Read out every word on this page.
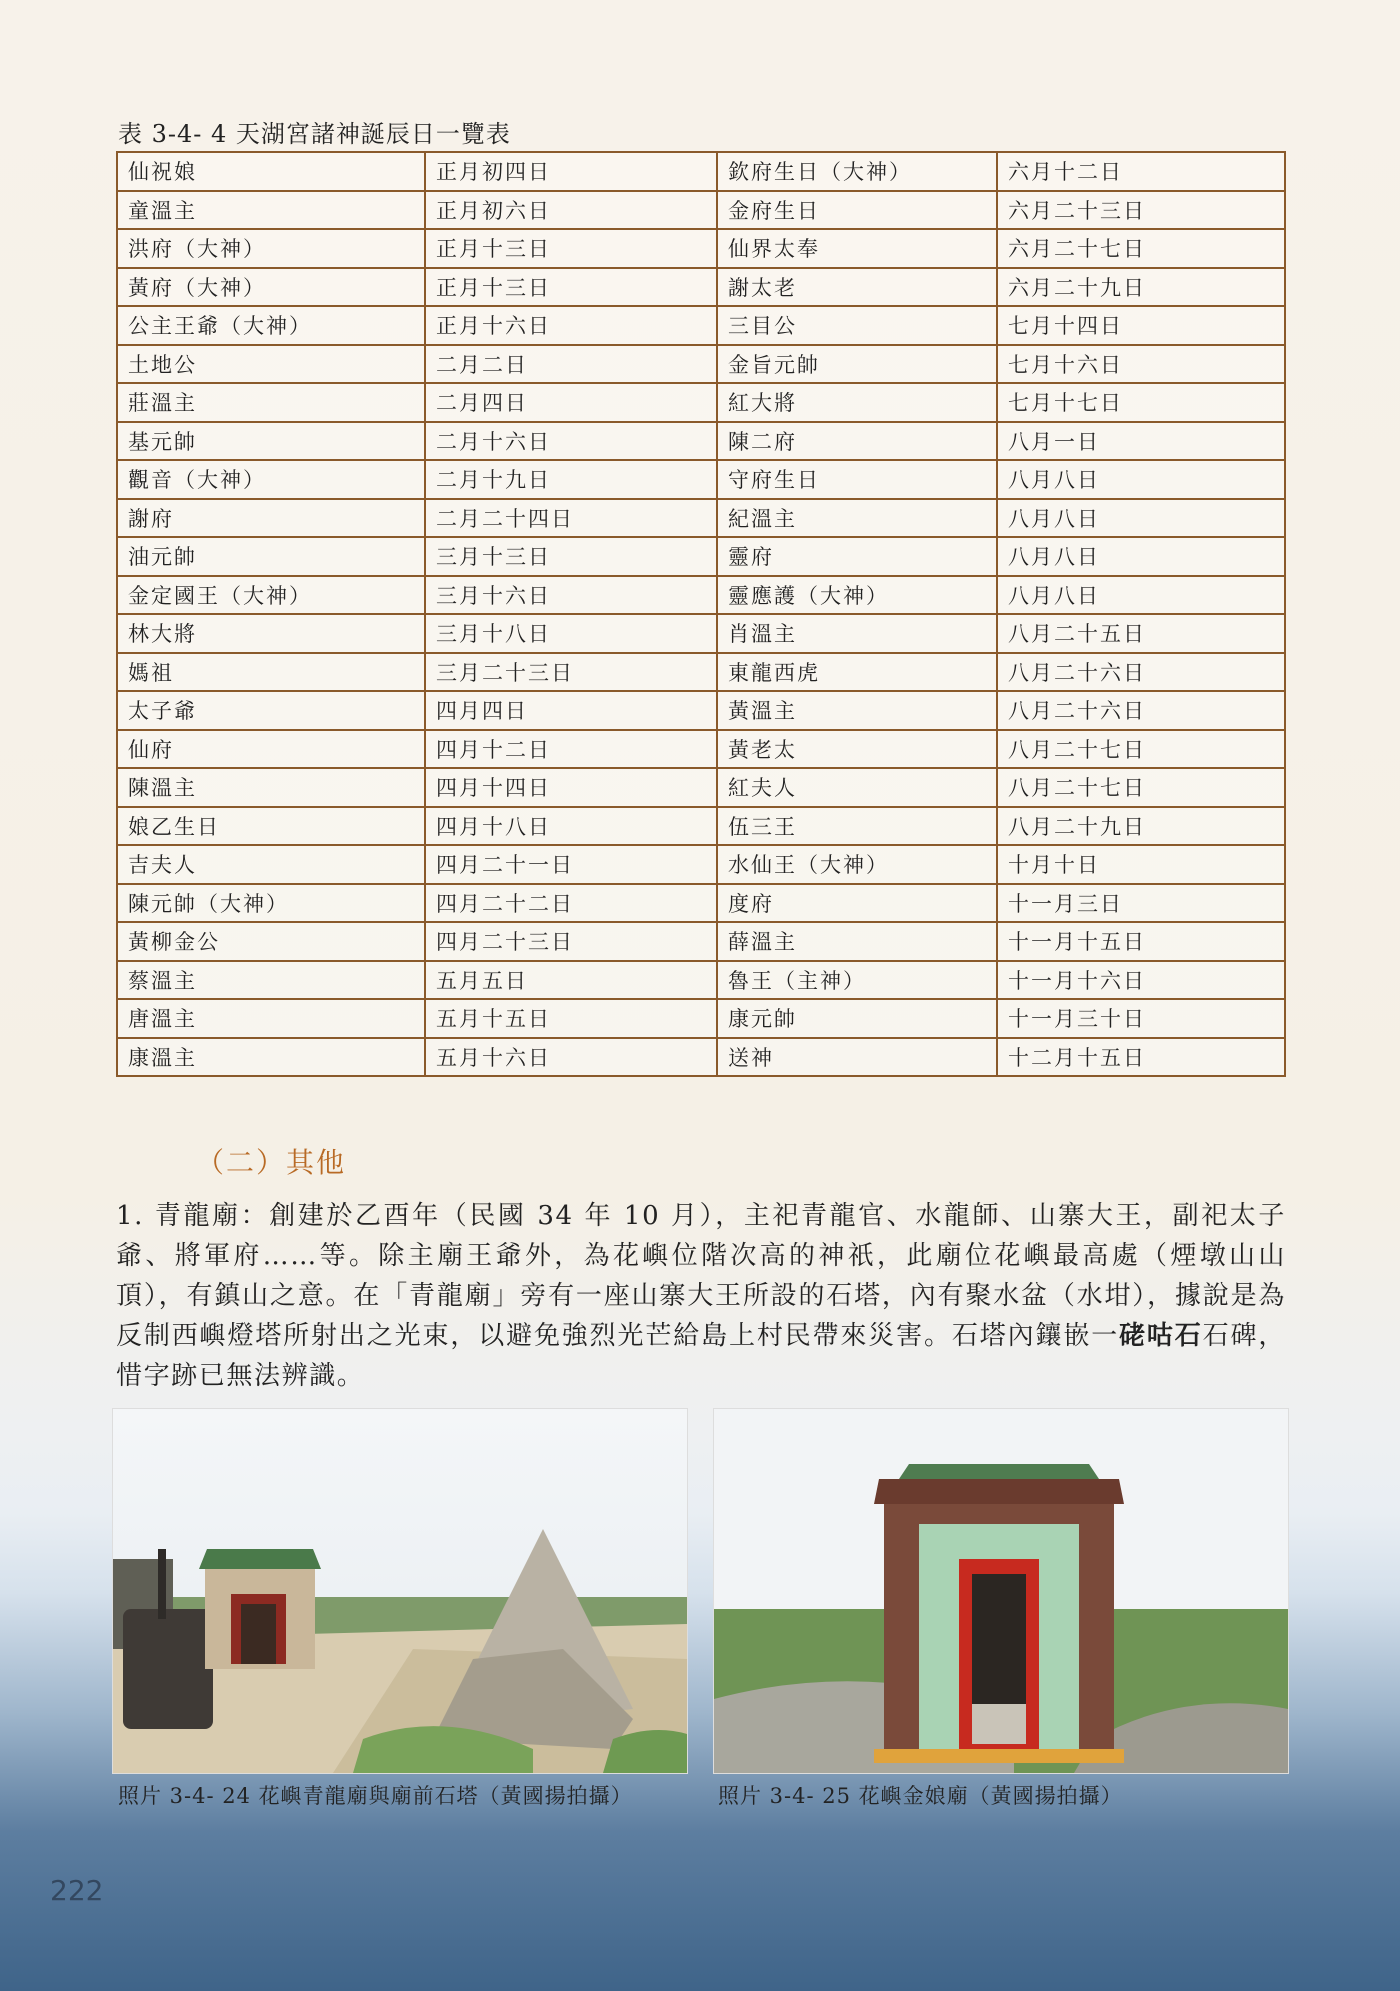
表 3-4- 4 天湖宮諸神誕辰日一覽表
仙祝娘	正月初四日	欽府生日（大神）	六月十二日
童溫主	正月初六日	金府生日	六月二十三日
洪府（大神）	正月十三日	仙界太奉	六月二十七日
黃府（大神）	正月十三日	謝太老	六月二十九日
公主王爺（大神）	正月十六日	三目公	七月十四日
土地公	二月二日	金旨元帥	七月十六日
莊溫主	二月四日	紅大將	七月十七日
基元帥	二月十六日	陳二府	八月一日
觀音（大神）	二月十九日	守府生日	八月八日
謝府	二月二十四日	紀溫主	八月八日
油元帥	三月十三日	靈府	八月八日
金定國王（大神）	三月十六日	靈應護（大神）	八月八日
林大將	三月十八日	肖溫主	八月二十五日
媽祖	三月二十三日	東龍西虎	八月二十六日
太子爺	四月四日	黃溫主	八月二十六日
仙府	四月十二日	黃老太	八月二十七日
陳溫主	四月十四日	紅夫人	八月二十七日
娘乙生日	四月十八日	伍三王	八月二十九日
吉夫人	四月二十一日	水仙王（大神）	十月十日
陳元帥（大神）	四月二十二日	度府	十一月三日
黃柳金公	四月二十三日	薛溫主	十一月十五日
蔡溫主	五月五日	魯王（主神）	十一月十六日
唐溫主	五月十五日	康元帥	十一月三十日
康溫主	五月十六日	送神	十二月十五日
（二）其他
1. 青龍廟：創建於乙酉年（民國 34 年 10 月），主祀青龍官、水龍師、山寨大王，副祀太子爺、將軍府……等。除主廟王爺外，為花嶼位階次高的神祇，此廟位花嶼最高處（煙墩山山頂），有鎮山之意。在「青龍廟」旁有一座山寨大王所設的石塔，內有聚水盆（水坩），據說是為反制西嶼燈塔所射出之光束，以避免強烈光芒給島上村民帶來災害。石塔內鑲嵌一硓咕石石碑，惜字跡已無法辨識。
照片 3-4- 24 花嶼青龍廟與廟前石塔（黃國揚拍攝）	照片 3-4- 25 花嶼金娘廟（黃國揚拍攝）
222
